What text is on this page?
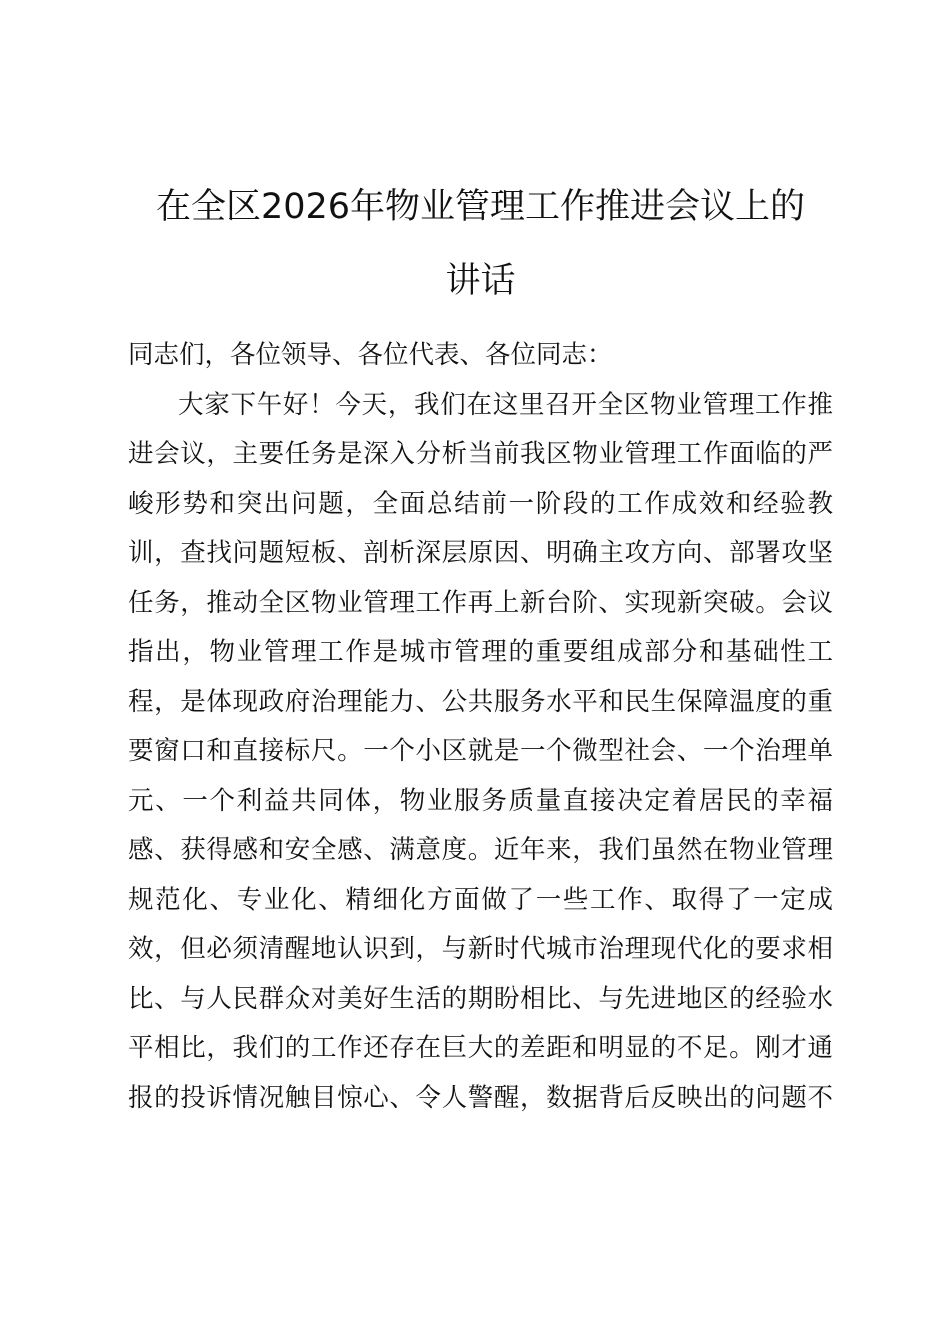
在全区2026年物业管理工作推进会议上的
讲话

同志们，各位领导、各位代表、各位同志：

大家下午好！今天，我们在这里召开全区物业管理工作推

进会议，主要任务是深入分析当前我区物业管理工作面临的严

峻形势和突出问题，全面总结前一阶段的工作成效和经验教

训，查找问题短板、剖析深层原因、明确主攻方向、部署攻坚

任务，推动全区物业管理工作再上新台阶、实现新突破。会议

指出，物业管理工作是城市管理的重要组成部分和基础性工

程，是体现政府治理能力、公共服务水平和民生保障温度的重

要窗口和直接标尺。一个小区就是一个微型社会、一个治理单

元、一个利益共同体，物业服务质量直接决定着居民的幸福

感、获得感和安全感、满意度。近年来，我们虽然在物业管理

规范化、专业化、精细化方面做了一些工作、取得了一定成

效，但必须清醒地认识到，与新时代城市治理现代化的要求相

比、与人民群众对美好生活的期盼相比、与先进地区的经验水

平相比，我们的工作还存在巨大的差距和明显的不足。刚才通

报的投诉情况触目惊心、令人警醒，数据背后反映出的问题不
